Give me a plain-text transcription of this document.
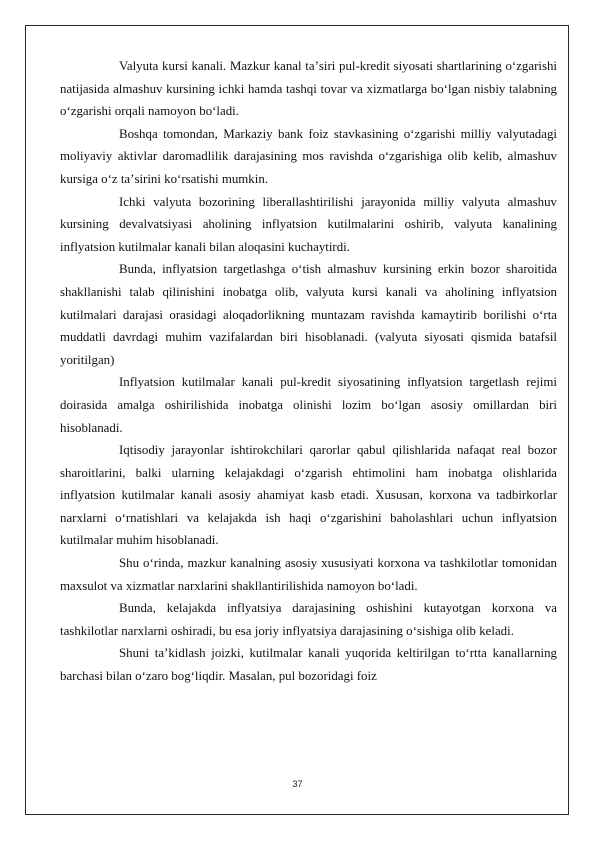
Valyuta kursi kanali. Mazkur kanal taʼsiri pul-kredit siyosati shartlarining oʻzgarishi natijasida almashuv kursining ichki hamda tashqi tovar va xizmatlarga boʻlgan nisbiy talabning oʻzgarishi orqali namoyon boʻladi.

Boshqa tomondan, Markaziy bank foiz stavkasining oʻzgarishi milliy valyutadagi moliyaviy aktivlar daromadlilik darajasining mos ravishda oʻzgarishiga olib kelib, almashuv kursiga oʻz taʼsirini koʻrsatishi mumkin.

Ichki valyuta bozorining liberallashtirilishi jarayonida milliy valyuta almashuv kursining devalvatsiyasi aholining inflyatsion kutilmalarini oshirib, valyuta kanalining inflyatsion kutilmalar kanali bilan aloqasini kuchaytirdi.

Bunda, inflyatsion targetlashga oʻtish almashuv kursining erkin bozor sharoitida shakllanishi talab qilinishini inobatga olib, valyuta kursi kanali va aholining inflyatsion kutilmalari darajasi orasidagi aloqadorlikning muntazam ravishda kamaytirib borilishi oʻrta muddatli davrdagi muhim vazifalardan biri hisoblanadi. (valyuta siyosati qismida batafsil yoritilgan)

Inflyatsion kutilmalar kanali pul-kredit siyosatining inflyatsion targetlash rejimi doirasida amalga oshirilishida inobatga olinishi lozim boʻlgan asosiy omillardan biri hisoblanadi.

Iqtisodiy jarayonlar ishtirokchilari qarorlar qabul qilishlarida nafaqat real bozor sharoitlarini, balki ularning kelajakdagi oʻzgarish ehtimolini ham inobatga olishlarida inflyatsion kutilmalar kanali asosiy ahamiyat kasb etadi. Xususan, korxona va tadbirkorlar narxlarni oʻrnatishlari va kelajakda ish haqi oʻzgarishini baholashlari uchun inflyatsion kutilmalar muhim hisoblanadi.

Shu oʻrinda, mazkur kanalning asosiy xususiyati korxona va tashkilotlar tomonidan maxsulot va xizmatlar narxlarini shakllantirilishida namoyon boʻladi.

Bunda, kelajakda inflyatsiya darajasining oshishini kutayotgan korxona va tashkilotlar narxlarni oshiradi, bu esa joriy inflyatsiya darajasining oʻsishiga olib keladi.

Shuni taʼkidlash joizki, kutilmalar kanali yuqorida keltirilgan toʻrtta kanallarning barchasi bilan oʻzaro bogʻliqdir. Masalan, pul bozoridagi foiz

37
